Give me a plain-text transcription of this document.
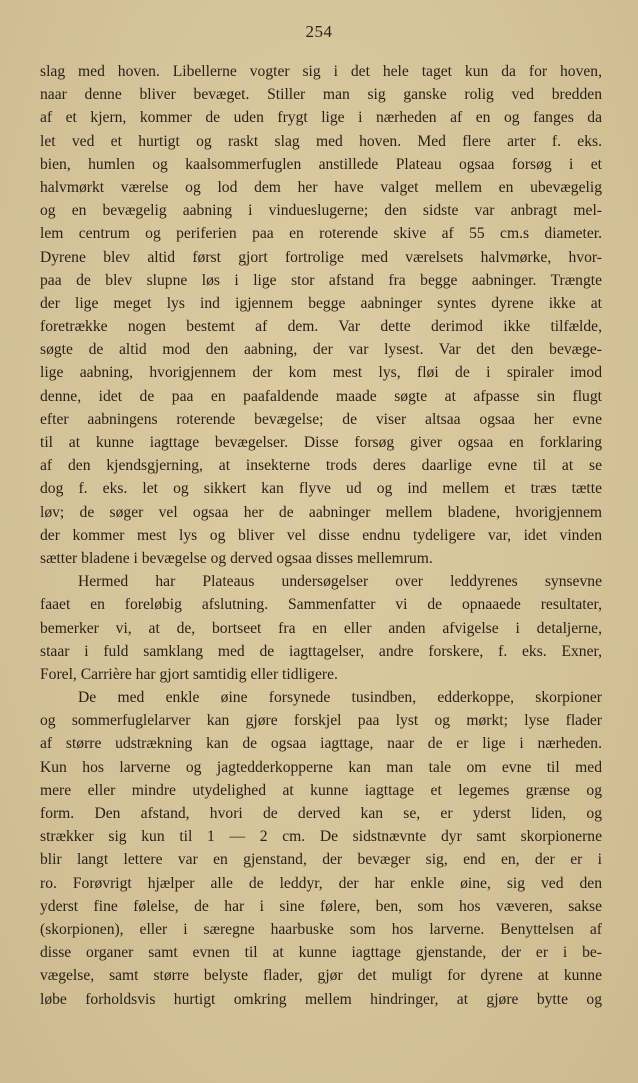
254
slag med hoven. Libellerne vogter sig i det hele taget kun da for hoven,
naar denne bliver bevæget. Stiller man sig ganske rolig ved bredden
af et kjern, kommer de uden frygt lige i nærheden af en og fanges da
let ved et hurtigt og raskt slag med hoven. Med flere arter f. eks.
bien, humlen og kaalsommerfuglen anstillede Plateau ogsaa forsøg i et
halvmørkt værelse og lod dem her have valget mellem en ubevægelig
og en bevægelig aabning i vindueslugerne; den sidste var anbragt mel-
lem centrum og periferien paa en roterende skive af 55 cm.s diameter.
Dyrene blev altid først gjort fortrolige med værelsets halvmørke, hvor-
paa de blev slupne løs i lige stor afstand fra begge aabninger. Trængte
der lige meget lys ind igjennem begge aabninger syntes dyrene ikke at
foretrække nogen bestemt af dem. Var dette derimod ikke tilfælde,
søgte de altid mod den aabning, der var lysest. Var det den bevæge-
lige aabning, hvorigjennem der kom mest lys, fløi de i spiraler imod
denne, idet de paa en paafaldende maade søgte at afpasse sin flugt
efter aabningens roterende bevægelse; de viser altsaa ogsaa her evne
til at kunne iagttage bevægelser. Disse forsøg giver ogsaa en forklaring
af den kjendsgjerning, at insekterne trods deres daarlige evne til at se
dog f. eks. let og sikkert kan flyve ud og ind mellem et træs tætte
løv; de søger vel ogsaa her de aabninger mellem bladene, hvorigjennem
der kommer mest lys og bliver vel disse endnu tydeligere var, idet vinden
sætter bladene i bevægelse og derved ogsaa disses mellemrum.
Hermed har Plateaus undersøgelser over leddyrenes synsevne
faaet en foreløbig afslutning. Sammenfatter vi de opnaaede resultater,
bemerker vi, at de, bortseet fra en eller anden afvigelse i detaljerne,
staar i fuld samklang med de iagttagelser, andre forskere, f. eks. Exner,
Forel, Carrière har gjort samtidig eller tidligere.
De med enkle øine forsynede tusindben, edderkoppe, skorpioner
og sommerfuglelarver kan gjøre forskjel paa lyst og mørkt; lyse flader
af større udstrækning kan de ogsaa iagttage, naar de er lige i nærheden.
Kun hos larverne og jagtedderkopperne kan man tale om evne til med
mere eller mindre utydelighed at kunne iagttage et legemes grænse og
form. Den afstand, hvori de derved kan se, er yderst liden, og
strækker sig kun til 1 — 2 cm. De sidstnævnte dyr samt skorpionerne
blir langt lettere var en gjenstand, der bevæger sig, end en, der er i
ro. Forøvrigt hjælper alle de leddyr, der har enkle øine, sig ved den
yderst fine følelse, de har i sine følere, ben, som hos væveren, sakse
(skorpionen), eller i særegne haarbuske som hos larverne. Benyttelsen af
disse organer samt evnen til at kunne iagttage gjenstande, der er i be-
vægelse, samt større belyste flader, gjør det muligt for dyrene at kunne
løbe forholdsvis hurtigt omkring mellem hindringer, at gjøre bytte og
